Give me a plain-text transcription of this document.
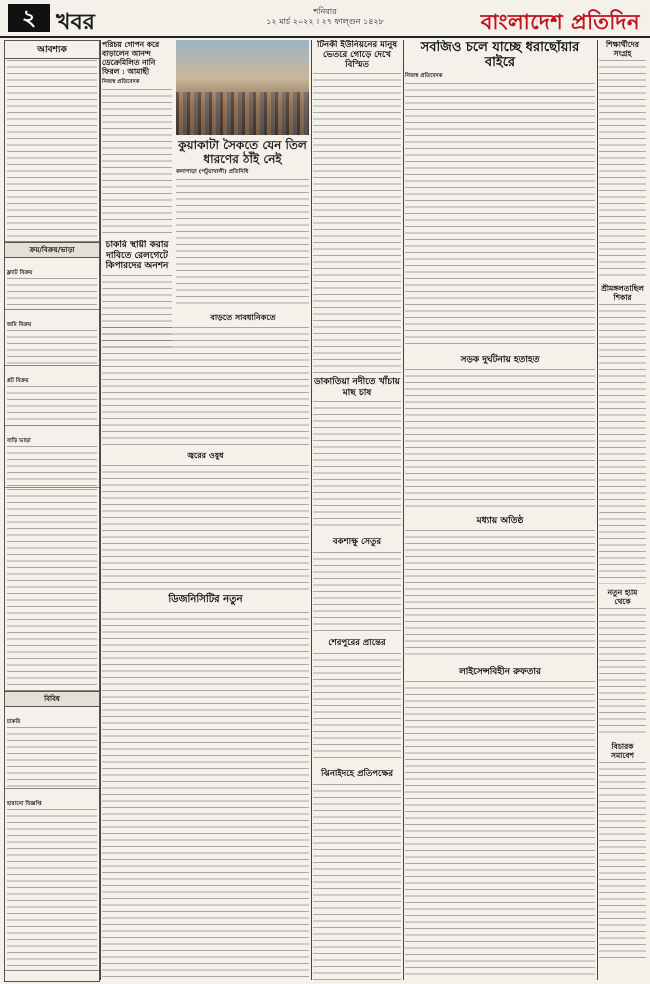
২ খবর	শনিবার
১২ মার্চ ২০২২ । ২৭ ফাল্গুন ১৪২৮	বাংলাদেশ প্রতিদিন
আবশ্যক
ক্রয়/বিক্রয়/ভাড়া
ফ্ল্যাট বিক্রয়
জমি বিক্রয়
প্লট বিক্রয়
বাড়ি ভাড়া
বিবিধ
চাকরি
হারানো বিজ্ঞপ্তি
পরিচয় গোপন করে বাড়ালেন আনন্দ ডেক্রেমিলিত নানি ফিরল : আমাছী
নিজস্ব প্রতিবেদক
কুয়াকাটা সৈকতে যেন তিল ধারণের ঠাঁই নেই
কলাপাড়া (পটুয়াখালী) প্রতিনিধি
চাকরি স্থায়ী করার দাবিতে রেলগেটে কিপারদের অনশন
বাড়তে সাবধানিকতে
জ্বরের ওষুধ
ডিজনিসিটির নতুন
টিনকী ইউনিয়নের মানুষ ভেতরে গোড়ে দেখে বিস্মিত
ডাকাতিয়া নদীতে খাঁচায় মাছ চাষ
বকশাক্ষু সেতুর
শেরপুরের প্রান্তের
ঝিনাইদহে প্রতিপক্ষের
সবজিও চলে যাচ্ছে ধরাছোঁয়ার বাইরে
নিজস্ব প্রতিবেদক
সড়ক দুর্ঘটনায় হতাহত
মধ্যায় অতিষ্ঠ
লাইসেন্সবিহীন রুফতার
শিক্ষার্থীদের সংগ্রহ
শ্রীমঙ্গলতাছিল শিকার
নতুন হ্যাম থেকে
বিচারক সমাবেশ
